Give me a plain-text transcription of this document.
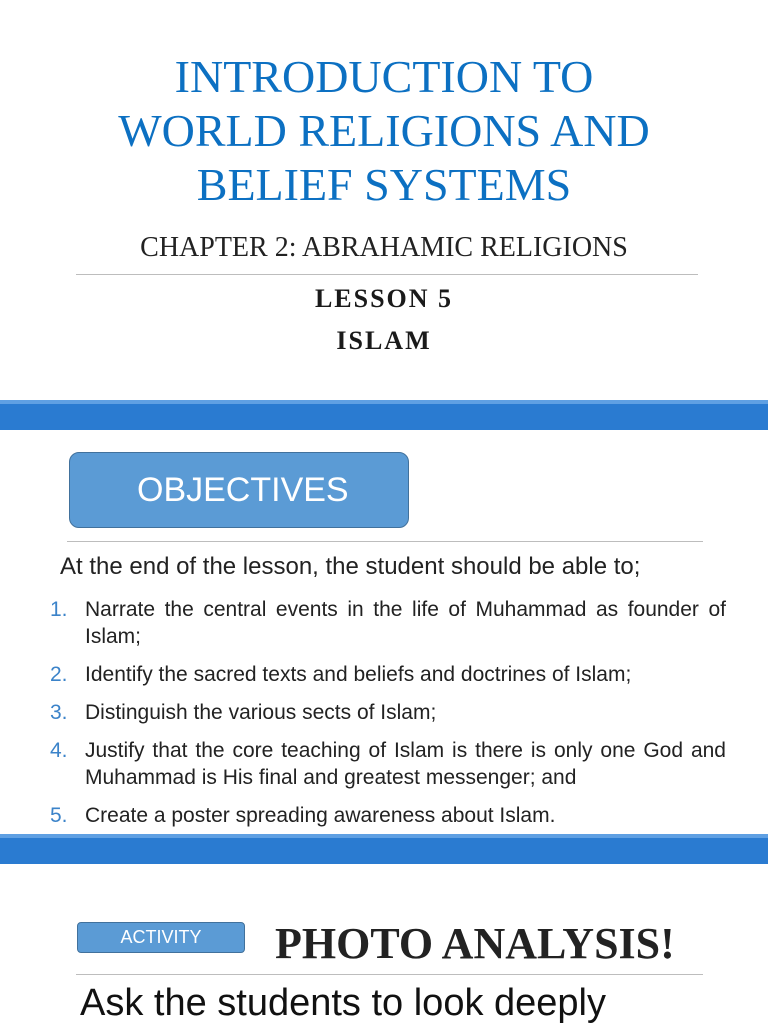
INTRODUCTION TO
WORLD RELIGIONS AND
BELIEF SYSTEMS
CHAPTER 2: ABRAHAMIC RELIGIONS
LESSON 5
ISLAM
OBJECTIVES
At the end of the lesson, the student should be able to;
1. Narrate the central events in the life of Muhammad as founder of Islam;
2. Identify the sacred texts and beliefs and doctrines of Islam;
3. Distinguish the various sects of Islam;
4. Justify that the core teaching of Islam is there is only one God and Muhammad is His final and greatest messenger; and
5. Create a poster spreading awareness about Islam.
ACTIVITY	PHOTO ANALYSIS!
Ask the students to look deeply
